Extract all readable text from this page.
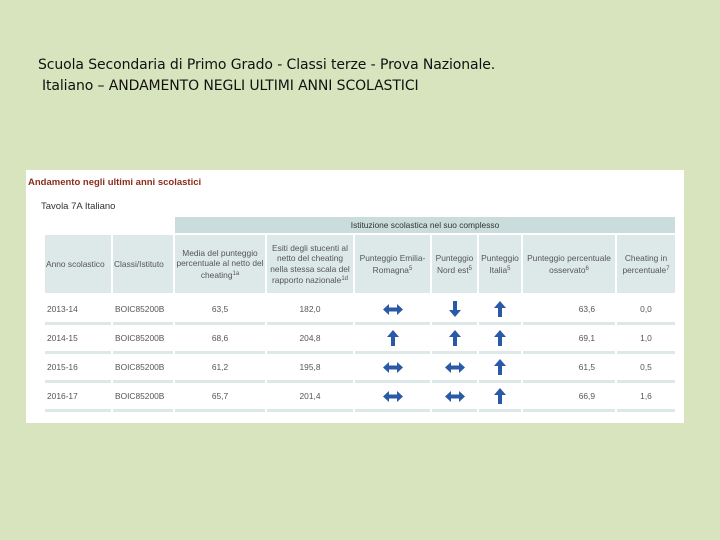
Scuola Secondaria di Primo Grado - Classi terze - Prova Nazionale.
Italiano – ANDAMENTO NEGLI ULTIMI ANNI SCOLASTICI
Andamento negli ultimi anni scolastici
Tavola 7A Italiano
		Istituzione scolastica nel suo complesso						
Anno scolastico	Classi/Istituto	Media del punteggio percentuale al netto del cheating$^{1a}$	Esiti degli stucenti al netto del cheating nella stessa scala del rapporto nazionale$^{1d}$	Punteggio Emilia-Romagna$^5$	Punteggio Nord est$^5$	Punteggio Italia$^5$	Punteggio percentuale osservato$^6$	Cheating in percentuale$^7$
2013-14	BOIC85200B	63,5	182,0				63,6	0,0
2014-15	BOIC85200B	68,6	204,8				69,1	1,0
2015-16	BOIC85200B	61,2	195,8				61,5	0,5
2016-17	BOIC85200B	65,7	201,4				66,9	1,6
